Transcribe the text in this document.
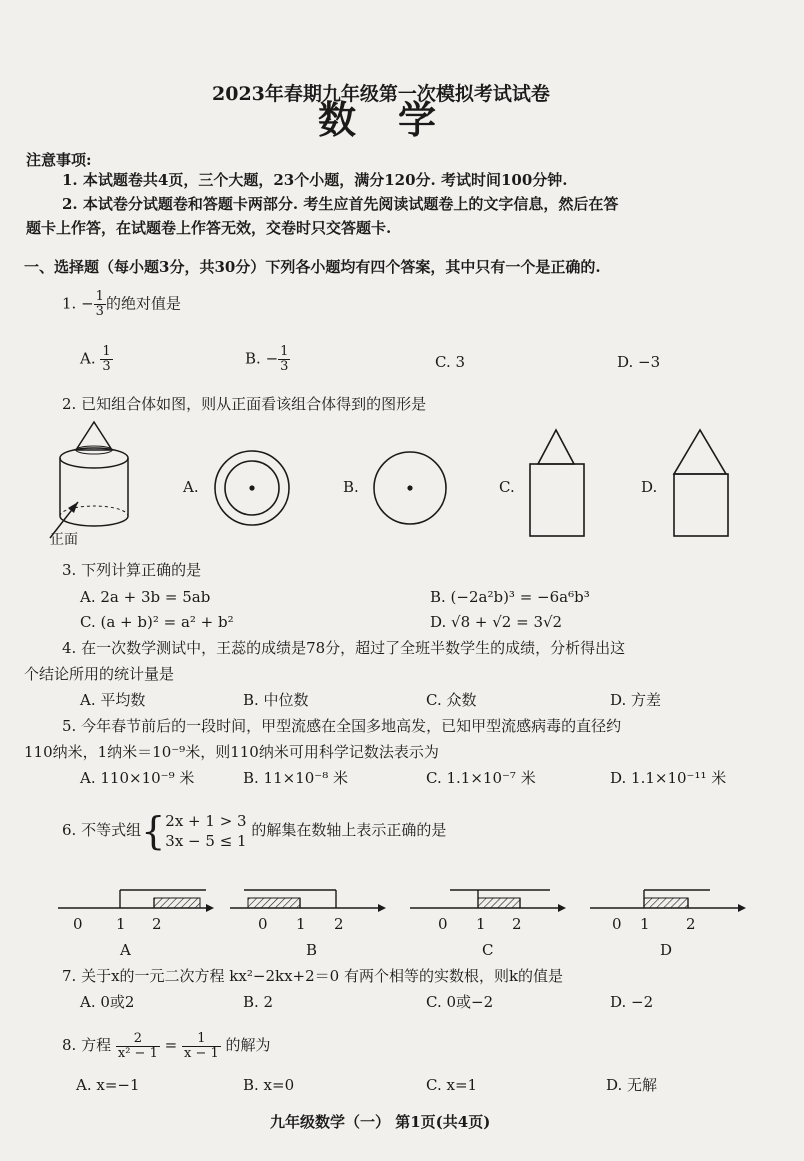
2023年春期九年级第一次模拟考试试卷
数学
注意事项:
1. 本试题卷共4页，三个大题，23个小题，满分120分. 考试时间100分钟.
2. 本试卷分试题卷和答题卡两部分. 考生应首先阅读试题卷上的文字信息，然后在答
题卡上作答，在试题卷上作答无效，交卷时只交答题卡.
一、选择题（每小题3分，共30分）下列各小题均有四个答案，其中只有一个是正确的.
1. − $\frac{1}{3}$ 的绝对值是
A. $\frac{1}{3}$	B. − $\frac{1}{3}$	C. 3	D. −3
2. 已知组合体如图，则从正面看该组合体得到的图形是
正面
A.	B.	C.	D.
3. 下列计算正确的是
A. 2a + 3b = 5ab	B. (−2a²b)³ = −6a⁶b³
C. (a + b)² = a² + b²	D. √8 + √2 = 3√2
4. 在一次数学测试中，王蕊的成绩是78分，超过了全班半数学生的成绩，分析得出这
个结论所用的统计量是
A. 平均数	B. 中位数	C. 众数	D. 方差
5. 今年春节前后的一段时间，甲型流感在全国多地高发，已知甲型流感病毒的直径约
110纳米，1纳米＝10⁻⁹米，则110纳米可用科学记数法表示为
A. 110×10⁻⁹ 米	B. 11×10⁻⁸ 米	C. 1.1×10⁻⁷ 米	D. 1.1×10⁻¹¹ 米
6. 不等式组{ 2x + 1 > 3
3x − 5 ≤ 1
的解集在数轴上表示正确的是
0 1 2
A
0 1 2
B
0 1 2
C
0 1 2
D
7. 关于x的一元二次方程 kx²−2kx+2＝0 有两个相等的实数根，则k的值是
A. 0或2	B. 2	C. 0或−2	D. −2
8. 方程 $\frac{2}{\text{x² − 1}} = \frac{1}{x - 1}$ 的解为
A. x=−1	B. x=0	C. x=1	D. 无解
九年级数学（一） 第1页(共4页)
